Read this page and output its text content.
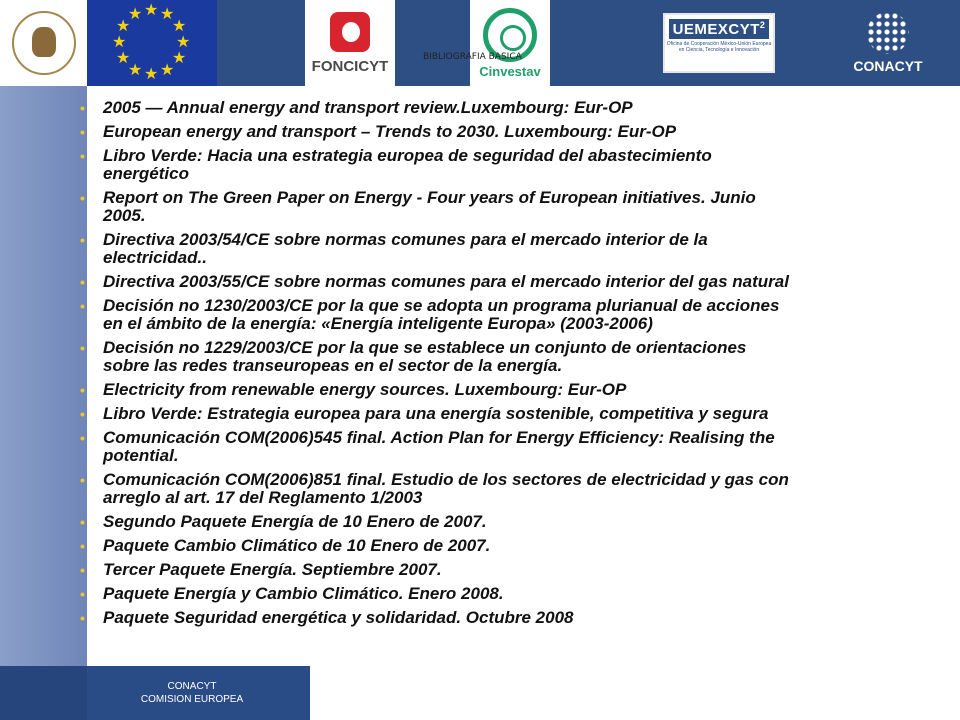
★ ★
★
★
★
★
★
★
★
★
★
★
FONCICYT	Cinvestav
UEMEXCYT$^2$
Oficina de Cooperación México-Unión Europea en Ciencia, Tecnología e Innovación
CONACYT
BIBLIOGRAFIA BASICA
• 2005 — Annual energy and transport review.Luxembourg: Eur-OP
• European energy and transport – Trends to 2030. Luxembourg: Eur-OP
• Libro Verde: Hacia una estrategia europea de seguridad del abastecimiento
energético
• Report on The Green Paper on Energy - Four years of European initiatives. Junio
2005.
• Directiva 2003/54/CE sobre normas comunes para el mercado interior de la
electricidad..
• Directiva 2003/55/CE sobre normas comunes para el mercado interior del gas natural
• Decisión no 1230/2003/CE por la que se adopta un programa plurianual de acciones
en el ámbito de la energía: «Energía inteligente Europa» (2003-2006)
• Decisión no 1229/2003/CE por la que se establece un conjunto de orientaciones
sobre las redes transeuropeas en el sector de la energía.
• Electricity from renewable energy sources. Luxembourg: Eur-OP
• Libro Verde: Estrategia europea para una energía sostenible, competitiva y segura
• Comunicación COM(2006)545 final. Action Plan for Energy Efficiency: Realising the
potential.
• Comunicación COM(2006)851 final. Estudio de los sectores de electricidad y gas con
arreglo al art. 17 del Reglamento 1/2003
• Segundo Paquete Energía de 10 Enero de 2007.
• Paquete Cambio Climático de 10 Enero de 2007.
• Tercer Paquete Energía. Septiembre 2007.
• Paquete Energía y Cambio Climático. Enero 2008.
• Paquete Seguridad energética y solidaridad. Octubre 2008
CONACYT
COMISION EUROPEA
